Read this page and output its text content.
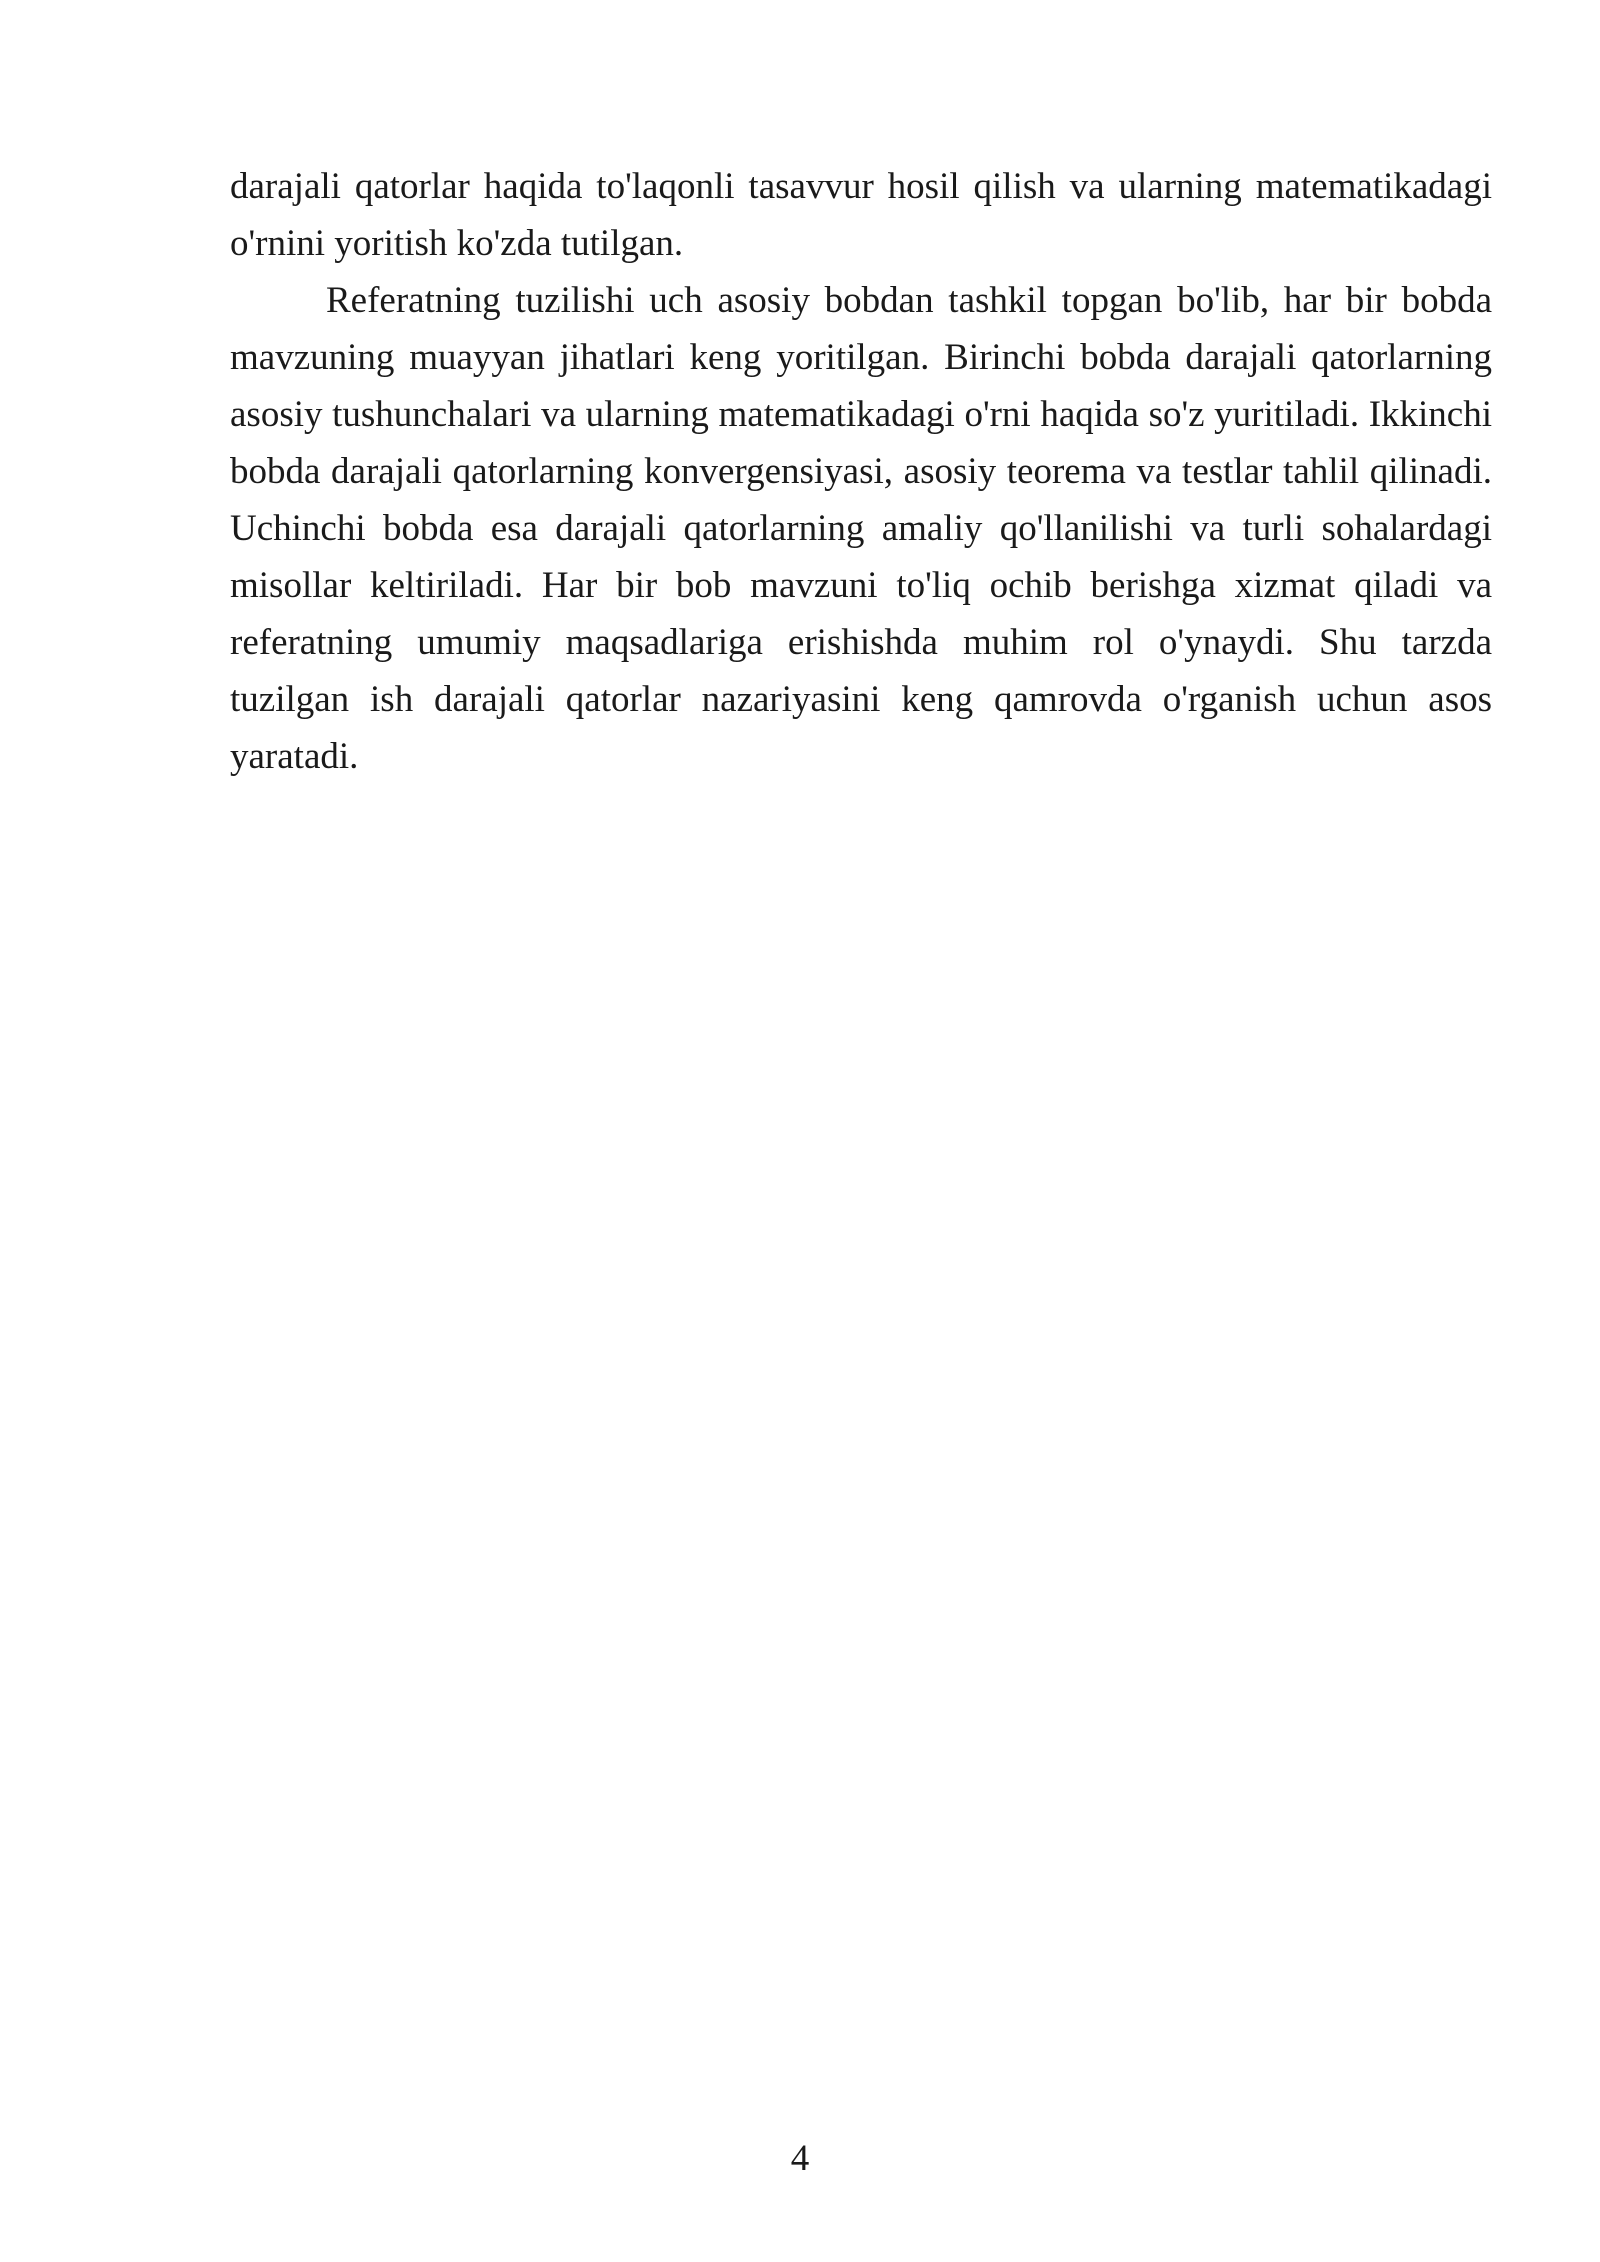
darajali qatorlar haqida to'laqonli tasavvur hosil qilish va ularning matematikadagi o'rnini yoritish ko'zda tutilgan.

Referatning tuzilishi uch asosiy bobdan tashkil topgan bo'lib, har bir bobda mavzuning muayyan jihatlari keng yoritilgan. Birinchi bobda darajali qatorlarning asosiy tushunchalari va ularning matematikadagi o'rni haqida so'z yuritiladi. Ikkinchi bobda darajali qatorlarning konvergensiyasi, asosiy teorema va testlar tahlil qilinadi. Uchinchi bobda esa darajali qatorlarning amaliy qo'llanilishi va turli sohalardagi misollar keltiriladi. Har bir bob mavzuni to'liq ochib berishga xizmat qiladi va referatning umumiy maqsadlariga erishishda muhim rol o'ynaydi. Shu tarzda tuzilgan ish darajali qatorlar nazariyasini keng qamrovda o'rganish uchun asos yaratadi.

4
